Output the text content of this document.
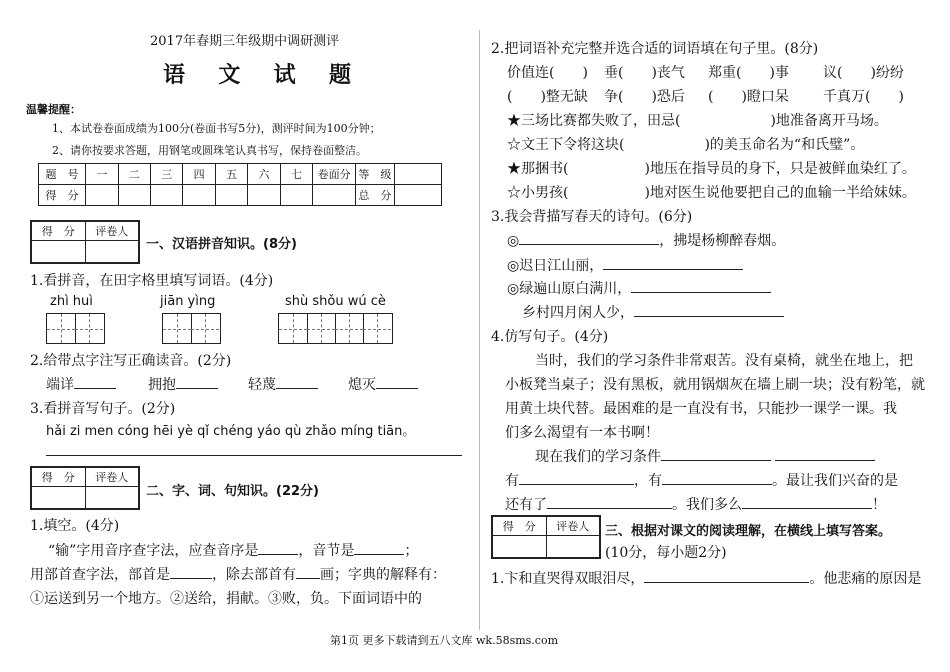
2017年春期三年级期中调研测评
语  文  试  题
温馨提醒：
1、本试卷卷面成绩为100分(卷面书写5分)，测评时间为100分钟；
2、请你按要求答题，用钢笔或圆珠笔认真书写，保持卷面整洁。
题　号	一	二	三	四	五	六	七	卷面分	等　级	
得　分									总　分	
得　分	评卷人

一、汉语拼音知识。(8分)
1.看拼音，在田字格里填写词语。(4分)
zhì huì	jiān yìng	shù shǒu wú cè
2.给带点字注写正确读音。(2分)
端详	拥抱	轻蔑	熄灭
3.看拼音写句子。(2分)
hǎi zi men cóng hēi yè qǐ chéng yáo qù zhǎo míng tiān。
得　分	评卷人

二、字、词、句知识。(22分)
1.填空。(4分)
“输”字用音序查字法，应查音序是	，音节是	；
用部首查字法，部首是	，除去部首有 画；字典的解释有：
①运送到另一个地方。②送给，捐献。③败，负。下面词语中的
2.把词语补充完整并选合适的词语填在句子里。(8分)
价值连(　　) 垂(　　)丧气 郑重(　　)事 议(　　)纷纷
(　　)整无缺 争(　　)恐后 (　　)瞪口呆 千真万(　　)
★三场比赛都失败了，田忌(	)地准备离开马场。
☆文王下令将这块(	)的美玉命名为“和氏璧”。
★那捆书(	)地压在指导员的身下，只是被鲜血染红了。
☆小男孩(	)地对医生说他要把自己的血输一半给妹妹。
3.我会背描写春天的诗句。(6分)
◎	，拂堤杨柳醉春烟。
◎迟日江山丽，
◎绿遍山原白满川，
乡村四月闲人少，
4.仿写句子。(4分)
当时，我们的学习条件非常艰苦。没有桌椅，就坐在地上，把
小板凳当桌子；没有黑板，就用锅烟灰在墙上刷一块；没有粉笔，就
用黄土块代替。最困难的是一直没有书，只能抄一课学一课。我
们多么渴望有一本书啊！
现在我们的学习条件
有	，有	。最让我们兴奋的是
还有了	。我们多么	！
得　分	评卷人
	三、根据对课文的阅读理解，在横线上填写答案。
(10分，每小题2分)
1.卞和直哭得双眼泪尽，	。他悲痛的原因是
第1页 更多下载请到五八文库 wk.58sms.com
